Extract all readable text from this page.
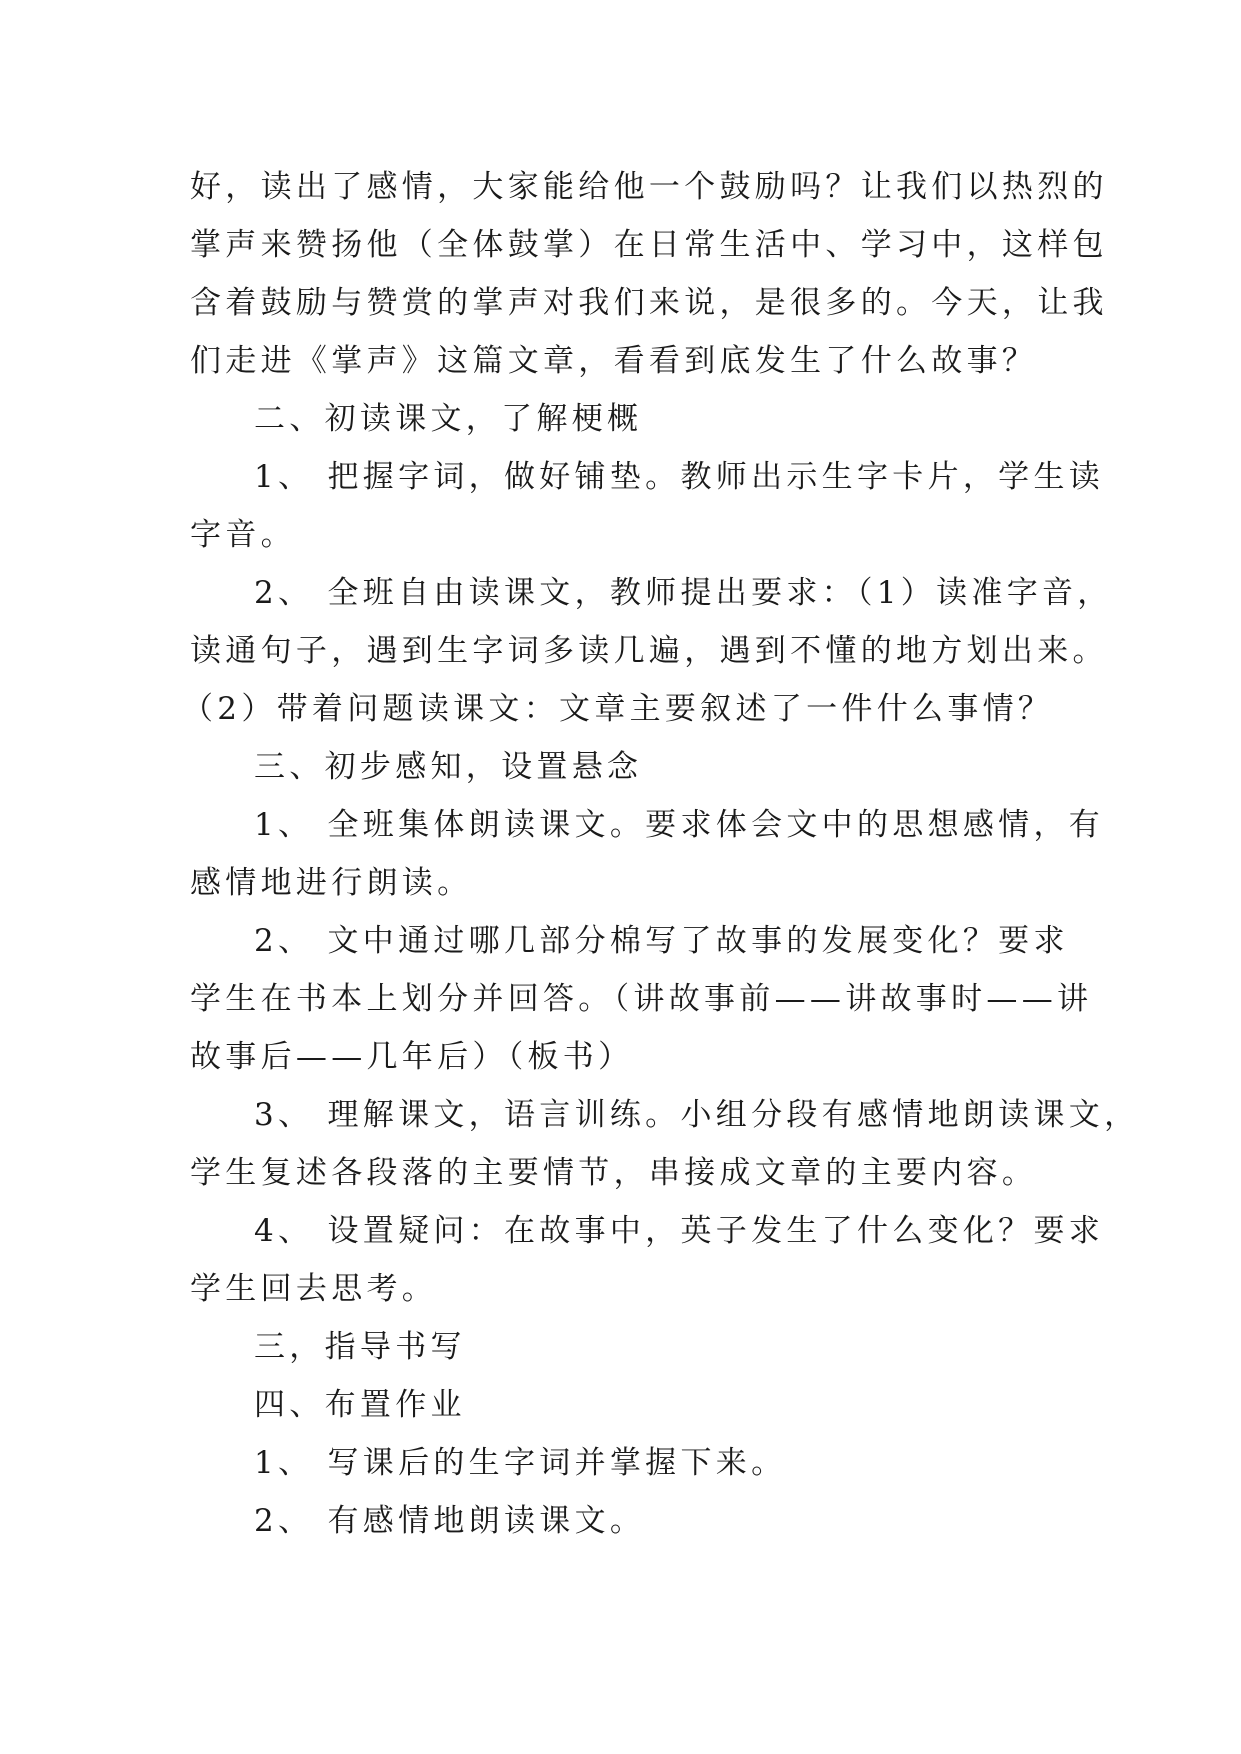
好，读出了感情，大家能给他一个鼓励吗？让我们以热烈的
掌声来赞扬他（全体鼓掌）在日常生活中、学习中，这样包
含着鼓励与赞赏的掌声对我们来说，是很多的。今天，让我
们走进《掌声》这篇文章，看看到底发生了什么故事？
二、初读课文，了解梗概
1、 把握字词，做好铺垫。教师出示生字卡片，学生读
字音。
2、 全班自由读课文，教师提出要求：（1）读准字音，
读通句子，遇到生字词多读几遍，遇到不懂的地方划出来。
（2）带着问题读课文：文章主要叙述了一件什么事情？
三、初步感知，设置悬念
1、 全班集体朗读课文。要求体会文中的思想感情，有
感情地进行朗读。
2、 文中通过哪几部分棉写了故事的发展变化？要求
学生在书本上划分并回答。（讲故事前——讲故事时——讲
故事后——几年后）（板书）
3、 理解课文，语言训练。小组分段有感情地朗读课文，
学生复述各段落的主要情节，串接成文章的主要内容。
4、 设置疑问：在故事中，英子发生了什么变化？要求
学生回去思考。
三，指导书写
四、布置作业
1、 写课后的生字词并掌握下来。
2、 有感情地朗读课文。
